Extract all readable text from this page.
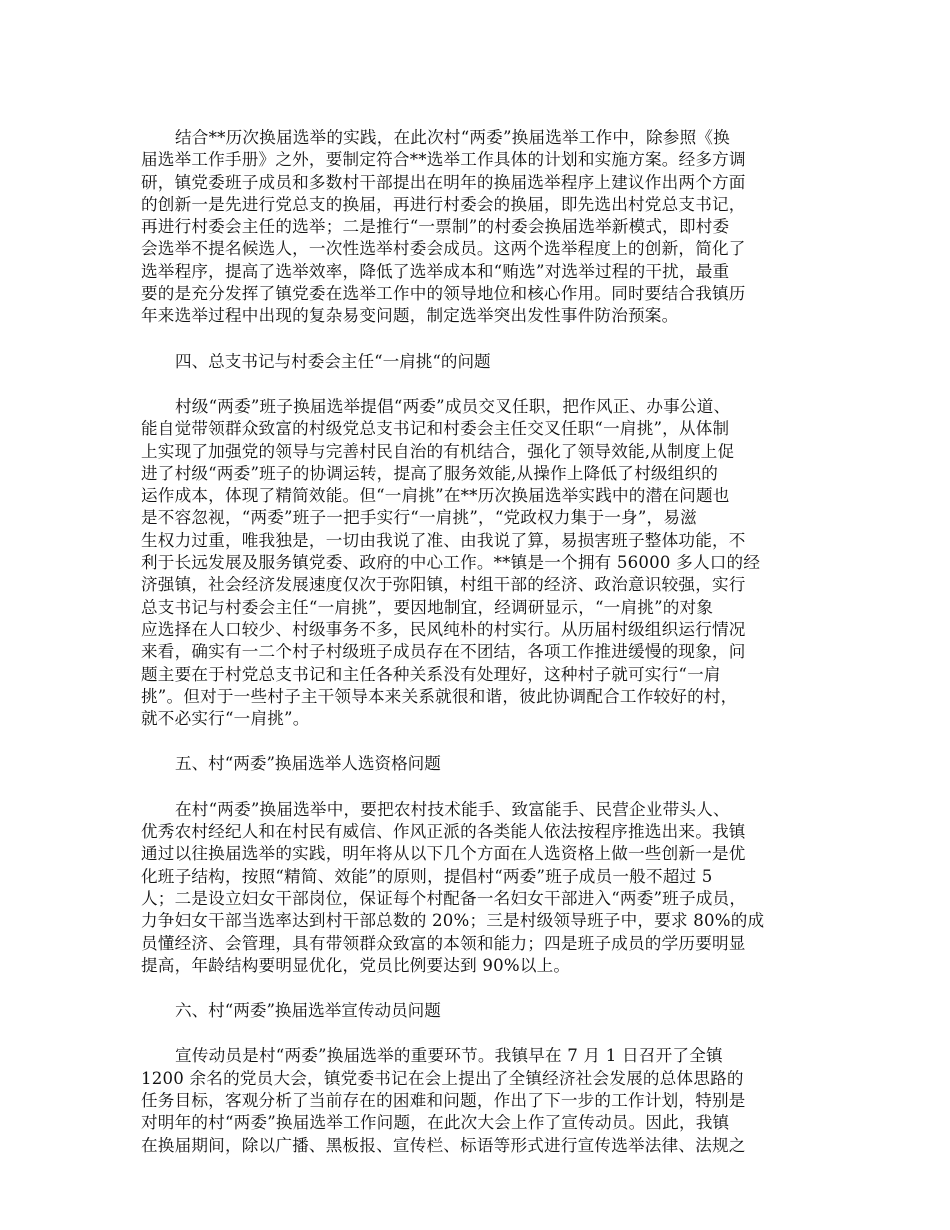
结合**历次换届选举的实践，在此次村“两委”换届选举工作中，除参照《换
届选举工作手册》之外，要制定符合**选举工作具体的计划和实施方案。经多方调
研，镇党委班子成员和多数村干部提出在明年的换届选举程序上建议作出两个方面
的创新一是先进行党总支的换届，再进行村委会的换届，即先选出村党总支书记，
再进行村委会主任的选举；二是推行“一票制”的村委会换届选举新模式，即村委
会选举不提名候选人，一次性选举村委会成员。这两个选举程度上的创新，简化了
选举程序，提高了选举效率，降低了选举成本和“贿选”对选举过程的干扰，最重
要的是充分发挥了镇党委在选举工作中的领导地位和核心作用。同时要结合我镇历
年来选举过程中出现的复杂易变问题，制定选举突出发性事件防治预案。

四、总支书记与村委会主任“一肩挑“的问题

村级“两委”班子换届选举提倡“两委”成员交叉任职，把作风正、办事公道、
能自觉带领群众致富的村级党总支书记和村委会主任交叉任职“一肩挑”，从体制
上实现了加强党的领导与完善村民自治的有机结合，强化了领导效能,从制度上促
进了村级“两委”班子的协调运转，提高了服务效能,从操作上降低了村级组织的
运作成本，体现了精简效能。但“一肩挑”在**历次换届选举实践中的潜在问题也
是不容忽视，“两委”班子一把手实行“一肩挑”，“党政权力集于一身”，易滋
生权力过重，唯我独是，一切由我说了准、由我说了算，易损害班子整体功能，不
利于长远发展及服务镇党委、政府的中心工作。**镇是一个拥有 56000 多人口的经
济强镇，社会经济发展速度仅次于弥阳镇，村组干部的经济、政治意识较强，实行
总支书记与村委会主任“一肩挑”，要因地制宜，经调研显示，“一肩挑”的对象
应选择在人口较少、村级事务不多，民风纯朴的村实行。从历届村级组织运行情况
来看，确实有一二个村子村级班子成员存在不团结，各项工作推进缓慢的现象，问
题主要在于村党总支书记和主任各种关系没有处理好，这种村子就可实行“一肩
挑”。但对于一些村子主干领导本来关系就很和谐，彼此协调配合工作较好的村，
就不必实行“一肩挑”。

五、村“两委”换届选举人选资格问题

在村“两委”换届选举中，要把农村技术能手、致富能手、民营企业带头人、
优秀农村经纪人和在村民有威信、作风正派的各类能人依法按程序推选出来。我镇
通过以往换届选举的实践，明年将从以下几个方面在人选资格上做一些创新一是优
化班子结构，按照“精简、效能”的原则，提倡村“两委”班子成员一般不超过 5
人；二是设立妇女干部岗位，保证每个村配备一名妇女干部进入“两委”班子成员，
力争妇女干部当选率达到村干部总数的 20%；三是村级领导班子中，要求 80%的成
员懂经济、会管理，具有带领群众致富的本领和能力；四是班子成员的学历要明显
提高，年龄结构要明显优化，党员比例要达到 90%以上。

六、村“两委”换届选举宣传动员问题

宣传动员是村“两委”换届选举的重要环节。我镇早在 7 月 1 日召开了全镇
1200 余名的党员大会，镇党委书记在会上提出了全镇经济社会发展的总体思路的
任务目标，客观分析了当前存在的困难和问题，作出了下一步的工作计划，特别是
对明年的村“两委”换届选举工作问题，在此次大会上作了宣传动员。因此，我镇
在换届期间，除以广播、黑板报、宣传栏、标语等形式进行宣传选举法律、法规之
